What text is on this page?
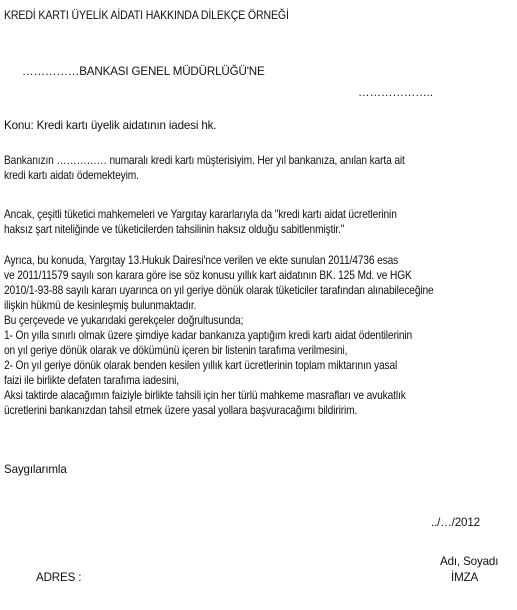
KREDİ KARTI ÜYELİK AİDATI HAKKINDA DİLEKÇE ÖRNEĞİ
……………BANKASI GENEL MÜDÜRLÜĞÜ'NE
………………..
Konu: Kredi kartı üyelik aidatının iadesi hk.
Bankanızın …………… numaralı kredi kartı müşterisiyim. Her yıl bankanıza, anılan karta ait
kredi kartı aidatı ödemekteyim.
Ancak, çeşitli tüketici mahkemeleri ve Yargıtay kararlarıyla da "kredi kartı aidat ücretlerinin
haksız şart niteliğinde ve tüketicilerden tahsilinin haksız olduğu sabitlenmiştir."
Ayrıca, bu konuda, Yargıtay 13.Hukuk Dairesi'nce verilen ve ekte sunulan 2011/4736 esas
ve 2011/11579 sayılı son karara göre ise söz konusu yıllık kart aidatının BK. 125 Md. ve HGK
2010/1-93-88 sayılı kararı uyarınca on yıl geriye dönük olarak tüketiciler tarafından alınabileceğine
ilişkin hükmü de kesinleşmiş bulunmaktadır.
Bu çerçevede ve yukarıdaki gerekçeler doğrultusunda;
1- On yılla sınırlı olmak üzere şimdiye kadar bankanıza yaptığım kredi kartı aidat ödentilerinin
on yıl geriye dönük olarak ve dökümünü içeren bir listenin tarafıma verilmesini,
2- On yıl geriye dönük olarak benden kesilen yıllık kart ücretlerinin toplam miktarının yasal
faizi ile birlikte defaten tarafıma iadesini,
Aksi taktirde alacağımın faiziyle birlikte tahsili için her türlü mahkeme masrafları ve avukatlık
ücretlerini bankanızdan tahsil etmek üzere yasal yollara başvuracağımı bildiririm.
Saygılarımla
../…/2012
Adı, Soyadı
ADRES :	İMZA
